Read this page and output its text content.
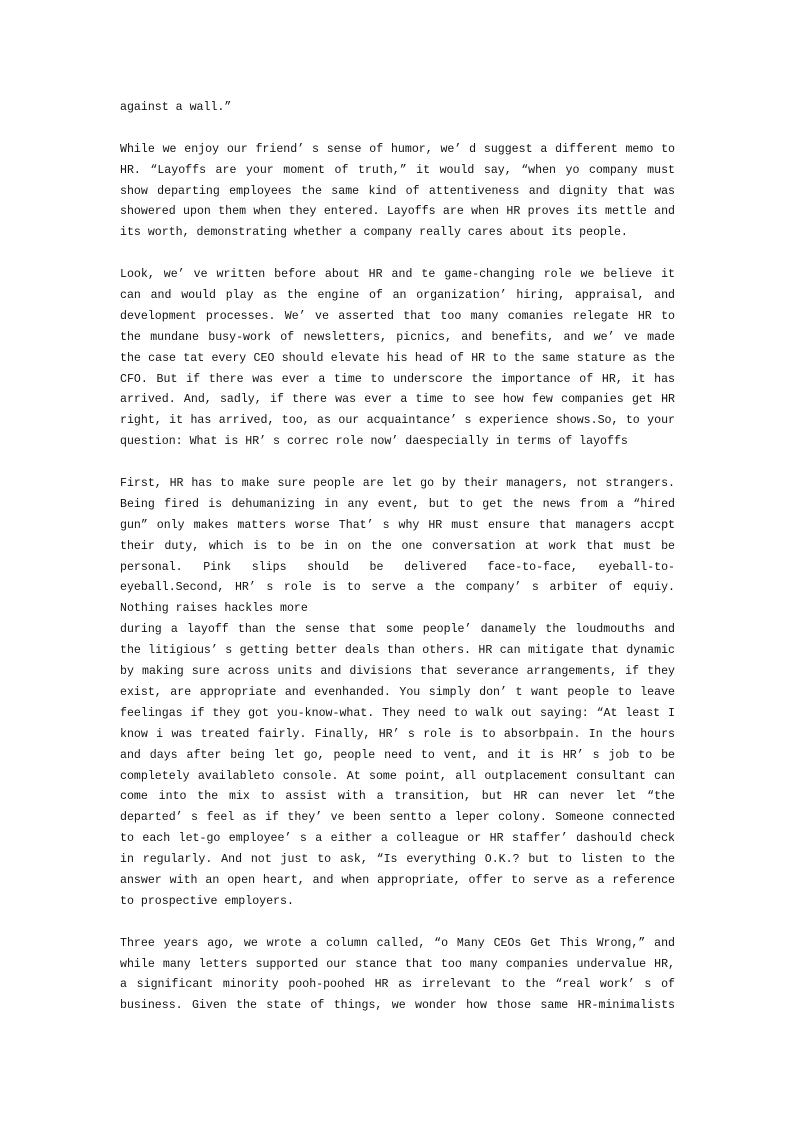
against a wall.”
While we enjoy our friend’ s sense of humor, we’ d suggest a different memo to
HR. “Layoffs are your moment of truth,” it would say, “when yo company must
show departing employees the same kind of attentiveness and dignity that was
showered upon them when they entered. Layoffs are when HR proves its mettle and
its worth, demonstrating whether a company really cares about its people.
Look, we’ ve written before about HR and te game-changing role we believe it
can and would play as the engine of an organization’ hiring, appraisal, and
development processes. We’ ve asserted that too many comanies relegate HR to
the mundane busy-work of newsletters, picnics, and benefits, and we’ ve made
the case tat every CEO should elevate his head of HR to the same stature as the
CFO. But if there was ever a time to underscore the importance of HR, it has
arrived. And, sadly, if there was ever a time to see how few companies get HR
right, it has arrived, too, as our acquaintance’ s experience shows.So, to your
question: What is HR’ s correc role now’ daespecially in terms of layoffs
First, HR has to make sure people are let go by their managers, not strangers.
Being fired is dehumanizing in any event, but to get the news from a “hired
gun” only makes matters worse That’ s why HR must ensure that managers accpt
their duty, which is to be in on the one conversation at work that must be
personal. Pink slips should be delivered face-to-face, eyeball-to-
eyeball.Second, HR’ s role is to serve a the company’ s arbiter of equiy.
Nothing raises hackles more
during a layoff than the sense that some people’ danamely the loudmouths and
the litigious’ s getting better deals than others. HR can mitigate that dynamic
by making sure across units and divisions that severance arrangements, if they
exist, are appropriate and evenhanded. You simply don’ t want people to leave
feelingas if they got you-know-what. They need to walk out saying: “At least I
know i was treated fairly. Finally, HR’ s role is to absorbpain. In the hours
and days after being let go, people need to vent, and it is HR’ s job to be
completely availableto console. At some point, all outplacement consultant can
come into the mix to assist with a transition, but HR can never let “the
departed’ s feel as if they’ ve been sentto a leper colony. Someone connected
to each let-go employee’ s a either a colleague or HR staffer’ dashould check
in regularly. And not just to ask, “Is everything O.K.? but to listen to the
answer with an open heart, and when appropriate, offer to serve as a reference
to prospective employers.
Three years ago, we wrote a column called, “o Many CEOs Get This Wrong,” and
while many letters supported our stance that too many companies undervalue HR,
a significant minority pooh-poohed HR as irrelevant to the “real work’ s of
business. Given the state of things, we wonder how those same HR-minimalists
